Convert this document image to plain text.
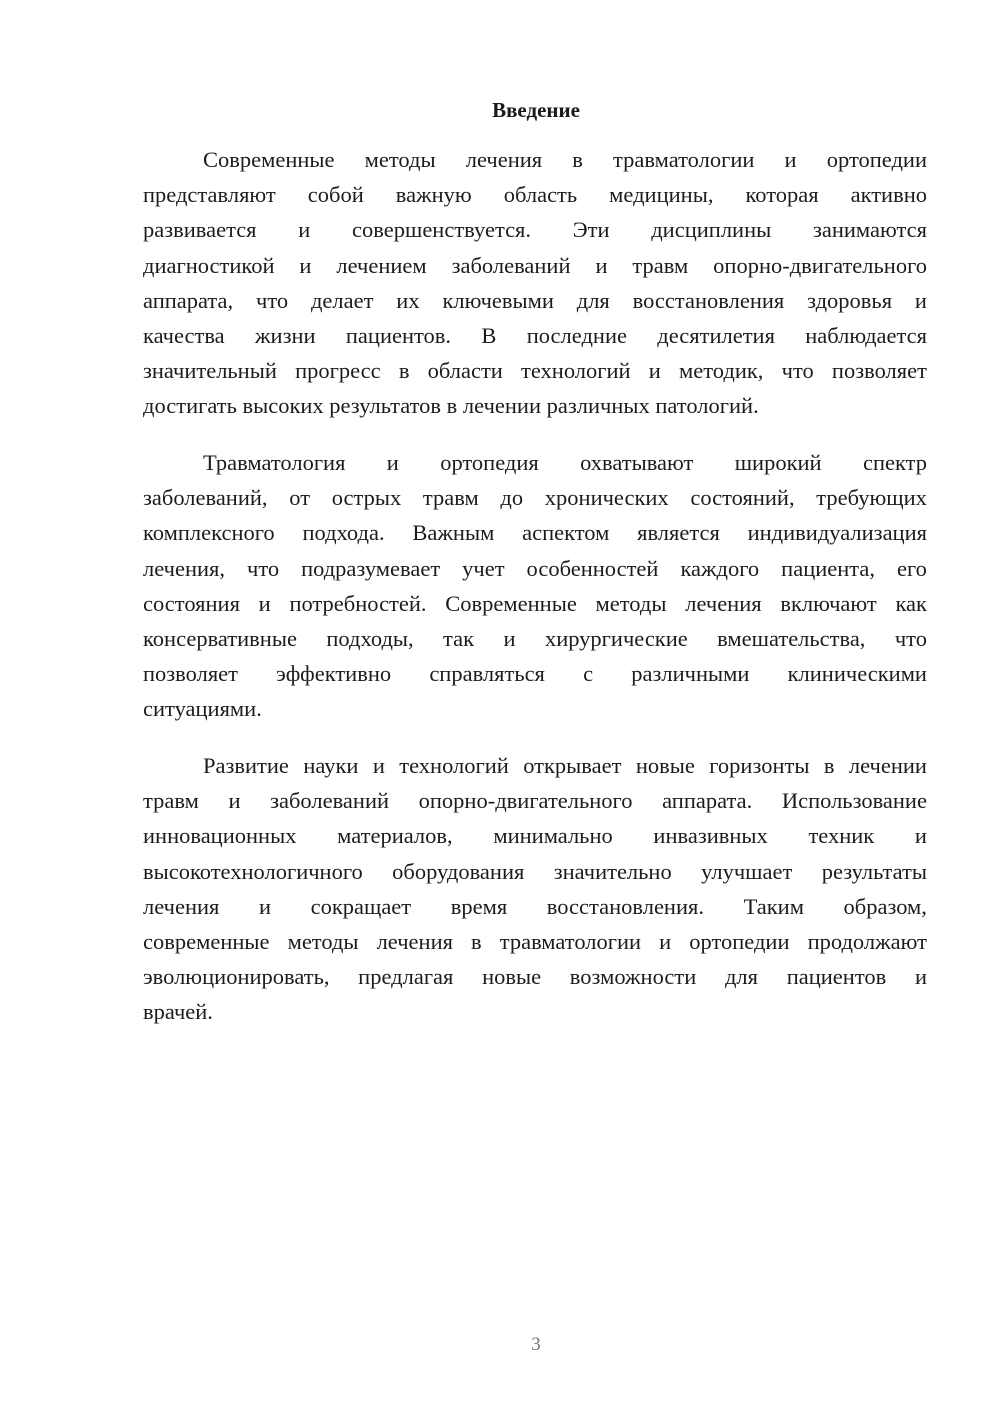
Введение
Современные методы лечения в травматологии и ортопедии
представляют собой важную область медицины, которая активно
развивается и совершенствуется. Эти дисциплины занимаются
диагностикой и лечением заболеваний и травм опорно-двигательного
аппарата, что делает их ключевыми для восстановления здоровья и
качества жизни пациентов. В последние десятилетия наблюдается
значительный прогресс в области технологий и методик, что позволяет
достигать высоких результатов в лечении различных патологий.
Травматология и ортопедия охватывают широкий спектр
заболеваний, от острых травм до хронических состояний, требующих
комплексного подхода. Важным аспектом является индивидуализация
лечения, что подразумевает учет особенностей каждого пациента, его
состояния и потребностей. Современные методы лечения включают как
консервативные подходы, так и хирургические вмешательства, что
позволяет эффективно справляться с различными клиническими
ситуациями.
Развитие науки и технологий открывает новые горизонты в лечении
травм и заболеваний опорно-двигательного аппарата. Использование
инновационных материалов, минимально инвазивных техник и
высокотехнологичного оборудования значительно улучшает результаты
лечения и сокращает время восстановления. Таким образом,
современные методы лечения в травматологии и ортопедии продолжают
эволюционировать, предлагая новые возможности для пациентов и
врачей.
3
